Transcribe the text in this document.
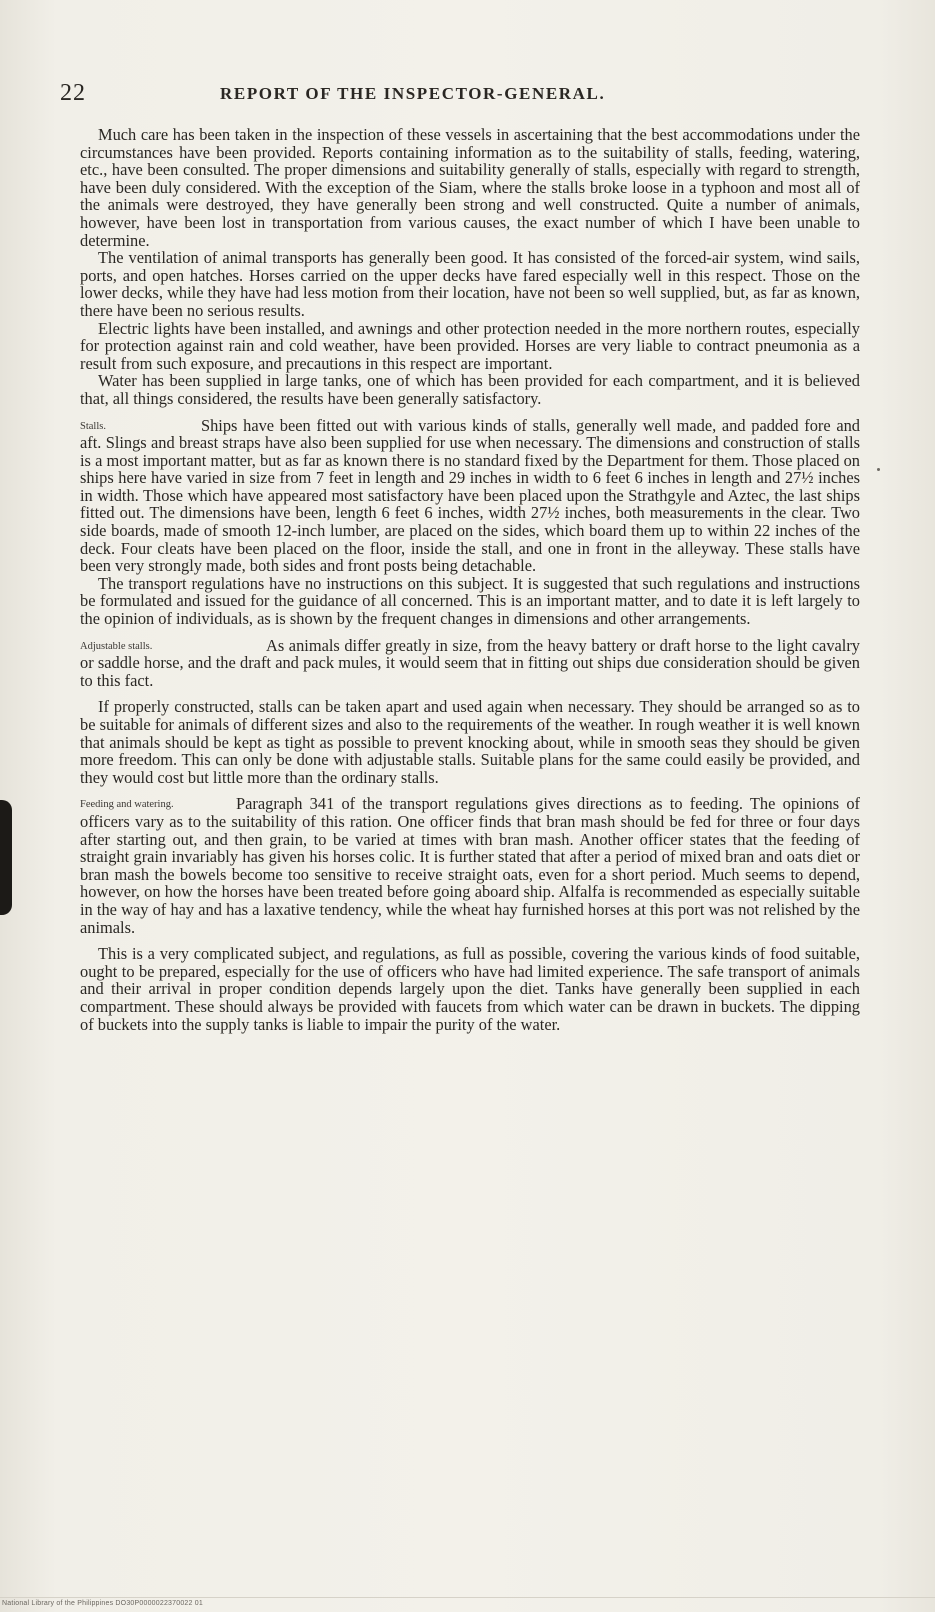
22	REPORT OF THE INSPECTOR-GENERAL.

Much care has been taken in the inspection of these vessels in ascertaining that the best accommodations under the circumstances have been provided. Reports containing information as to the suitability of stalls, feeding, watering, etc., have been consulted. The proper dimensions and suitability generally of stalls, especially with regard to strength, have been duly considered. With the exception of the Siam, where the stalls broke loose in a typhoon and most all of the animals were destroyed, they have generally been strong and well constructed. Quite a number of animals, however, have been lost in transportation from various causes, the exact number of which I have been unable to determine.

The ventilation of animal transports has generally been good. It has consisted of the forced-air system, wind sails, ports, and open hatches. Horses carried on the upper decks have fared especially well in this respect. Those on the lower decks, while they have had less motion from their location, have not been so well supplied, but, as far as known, there have been no serious results.

Electric lights have been installed, and awnings and other protection needed in the more northern routes, especially for protection against rain and cold weather, have been provided. Horses are very liable to contract pneumonia as a result from such exposure, and precautions in this respect are important.

Water has been supplied in large tanks, one of which has been provided for each compartment, and it is believed that, all things considered, the results have been generally satisfactory.

Stalls.	Ships have been fitted out with various kinds of stalls, generally well made, and padded fore and aft. Slings and breast straps have also been supplied for use when necessary. The dimensions and construction of stalls is a most important matter, but as far as known there is no standard fixed by the Department for them. Those placed on ships here have varied in size from 7 feet in length and 29 inches in width to 6 feet 6 inches in length and 27½ inches in width. Those which have appeared most satisfactory have been placed upon the Strathgyle and Aztec, the last ships fitted out. The dimensions have been, length 6 feet 6 inches, width 27½ inches, both measurements in the clear. Two side boards, made of smooth 12-inch lumber, are placed on the sides, which board them up to within 22 inches of the deck. Four cleats have been placed on the floor, inside the stall, and one in front in the alleyway. These stalls have been very strongly made, both sides and front posts being detachable.

The transport regulations have no instructions on this subject. It is suggested that such regulations and instructions be formulated and issued for the guidance of all concerned. This is an important matter, and to date it is left largely to the opinion of individuals, as is shown by the frequent changes in dimensions and other arrangements.

Adjustable stalls.	As animals differ greatly in size, from the heavy battery or draft horse to the light cavalry or saddle horse, and the draft and pack mules, it would seem that in fitting out ships due consideration should be given to this fact.

If properly constructed, stalls can be taken apart and used again when necessary. They should be arranged so as to be suitable for animals of different sizes and also to the requirements of the weather. In rough weather it is well known that animals should be kept as tight as possible to prevent knocking about, while in smooth seas they should be given more freedom. This can only be done with adjustable stalls. Suitable plans for the same could easily be provided, and they would cost but little more than the ordinary stalls.

Feeding and watering.	Paragraph 341 of the transport regulations gives directions as to feeding. The opinions of officers vary as to the suitability of this ration. One officer finds that bran mash should be fed for three or four days after starting out, and then grain, to be varied at times with bran mash. Another officer states that the feeding of straight grain invariably has given his horses colic. It is further stated that after a period of mixed bran and oats diet or bran mash the bowels become too sensitive to receive straight oats, even for a short period. Much seems to depend, however, on how the horses have been treated before going aboard ship. Alfalfa is recommended as especially suitable in the way of hay and has a laxative tendency, while the wheat hay furnished horses at this port was not relished by the animals.

This is a very complicated subject, and regulations, as full as possible, covering the various kinds of food suitable, ought to be prepared, especially for the use of officers who have had limited experience. The safe transport of animals and their arrival in proper condition depends largely upon the diet. Tanks have generally been supplied in each compartment. These should always be provided with faucets from which water can be drawn in buckets. The dipping of buckets into the supply tanks is liable to impair the purity of the water.

National Library of the Philippines DO30P0000022370022 01
